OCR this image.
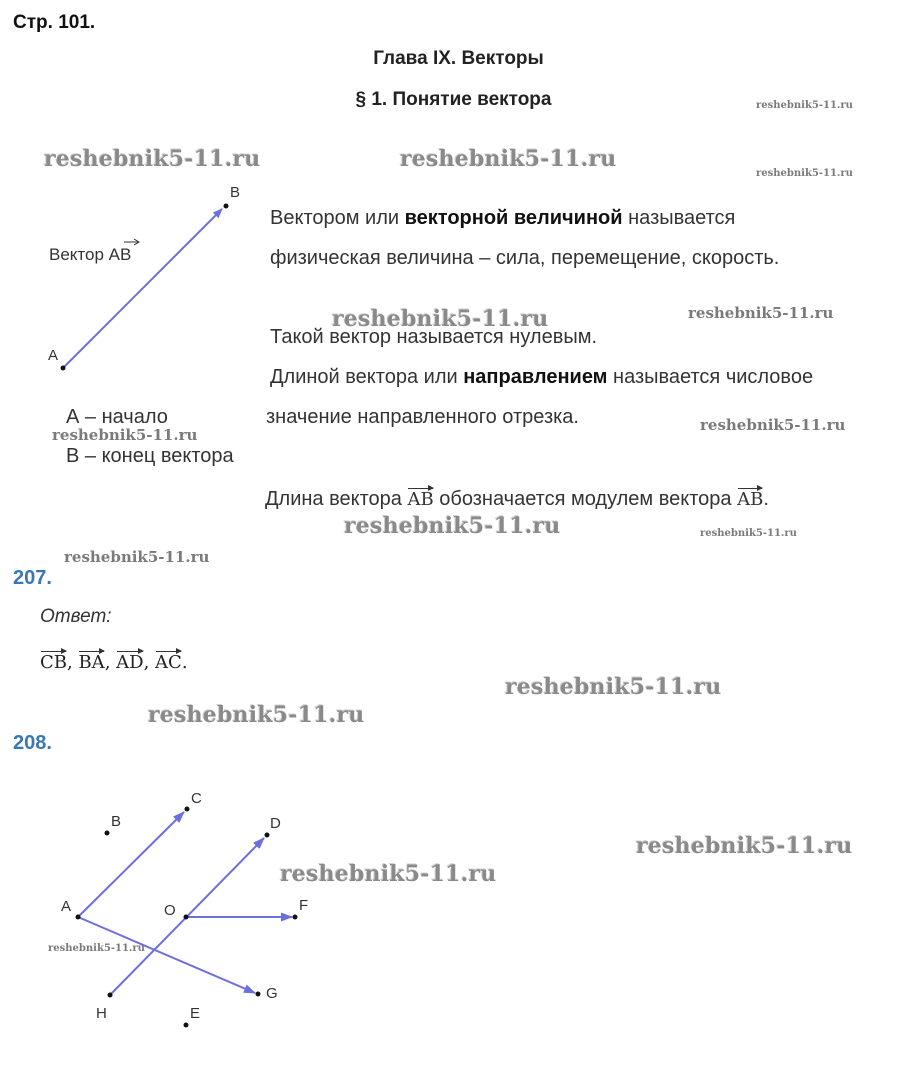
Стр. 101.
Глава IX. Векторы
§ 1. Понятие вектора	reshebnik5-11.ru
reshebnik5-11.ru	reshebnik5-11.ru
reshebnik5-11.ru
reshebnik5-11.ru	reshebnik5-11.ru
reshebnik5-11.ru
reshebnik5-11.ru
reshebnik5-11.ru	reshebnik5-11.ru
reshebnik5-11.ru
reshebnik5-11.ru
reshebnik5-11.ru
reshebnik5-11.ru
reshebnik5-11.ru
reshebnik5-11.ru
A
B
Вектор AB
Вектором или векторной величиной называется
физическая величина – сила, перемещение, скорость.
Такой вектор называется нулевым.
Длиной вектора или направлением называется числовое
значение направленного отрезка.
А – начало
В – конец вектора
Длина вектора AB обозначается модулем вектора AB.
207.
Ответ:
CB, BA, AD, AC.
208.
A
B
C
D
E
O	F
G
H
